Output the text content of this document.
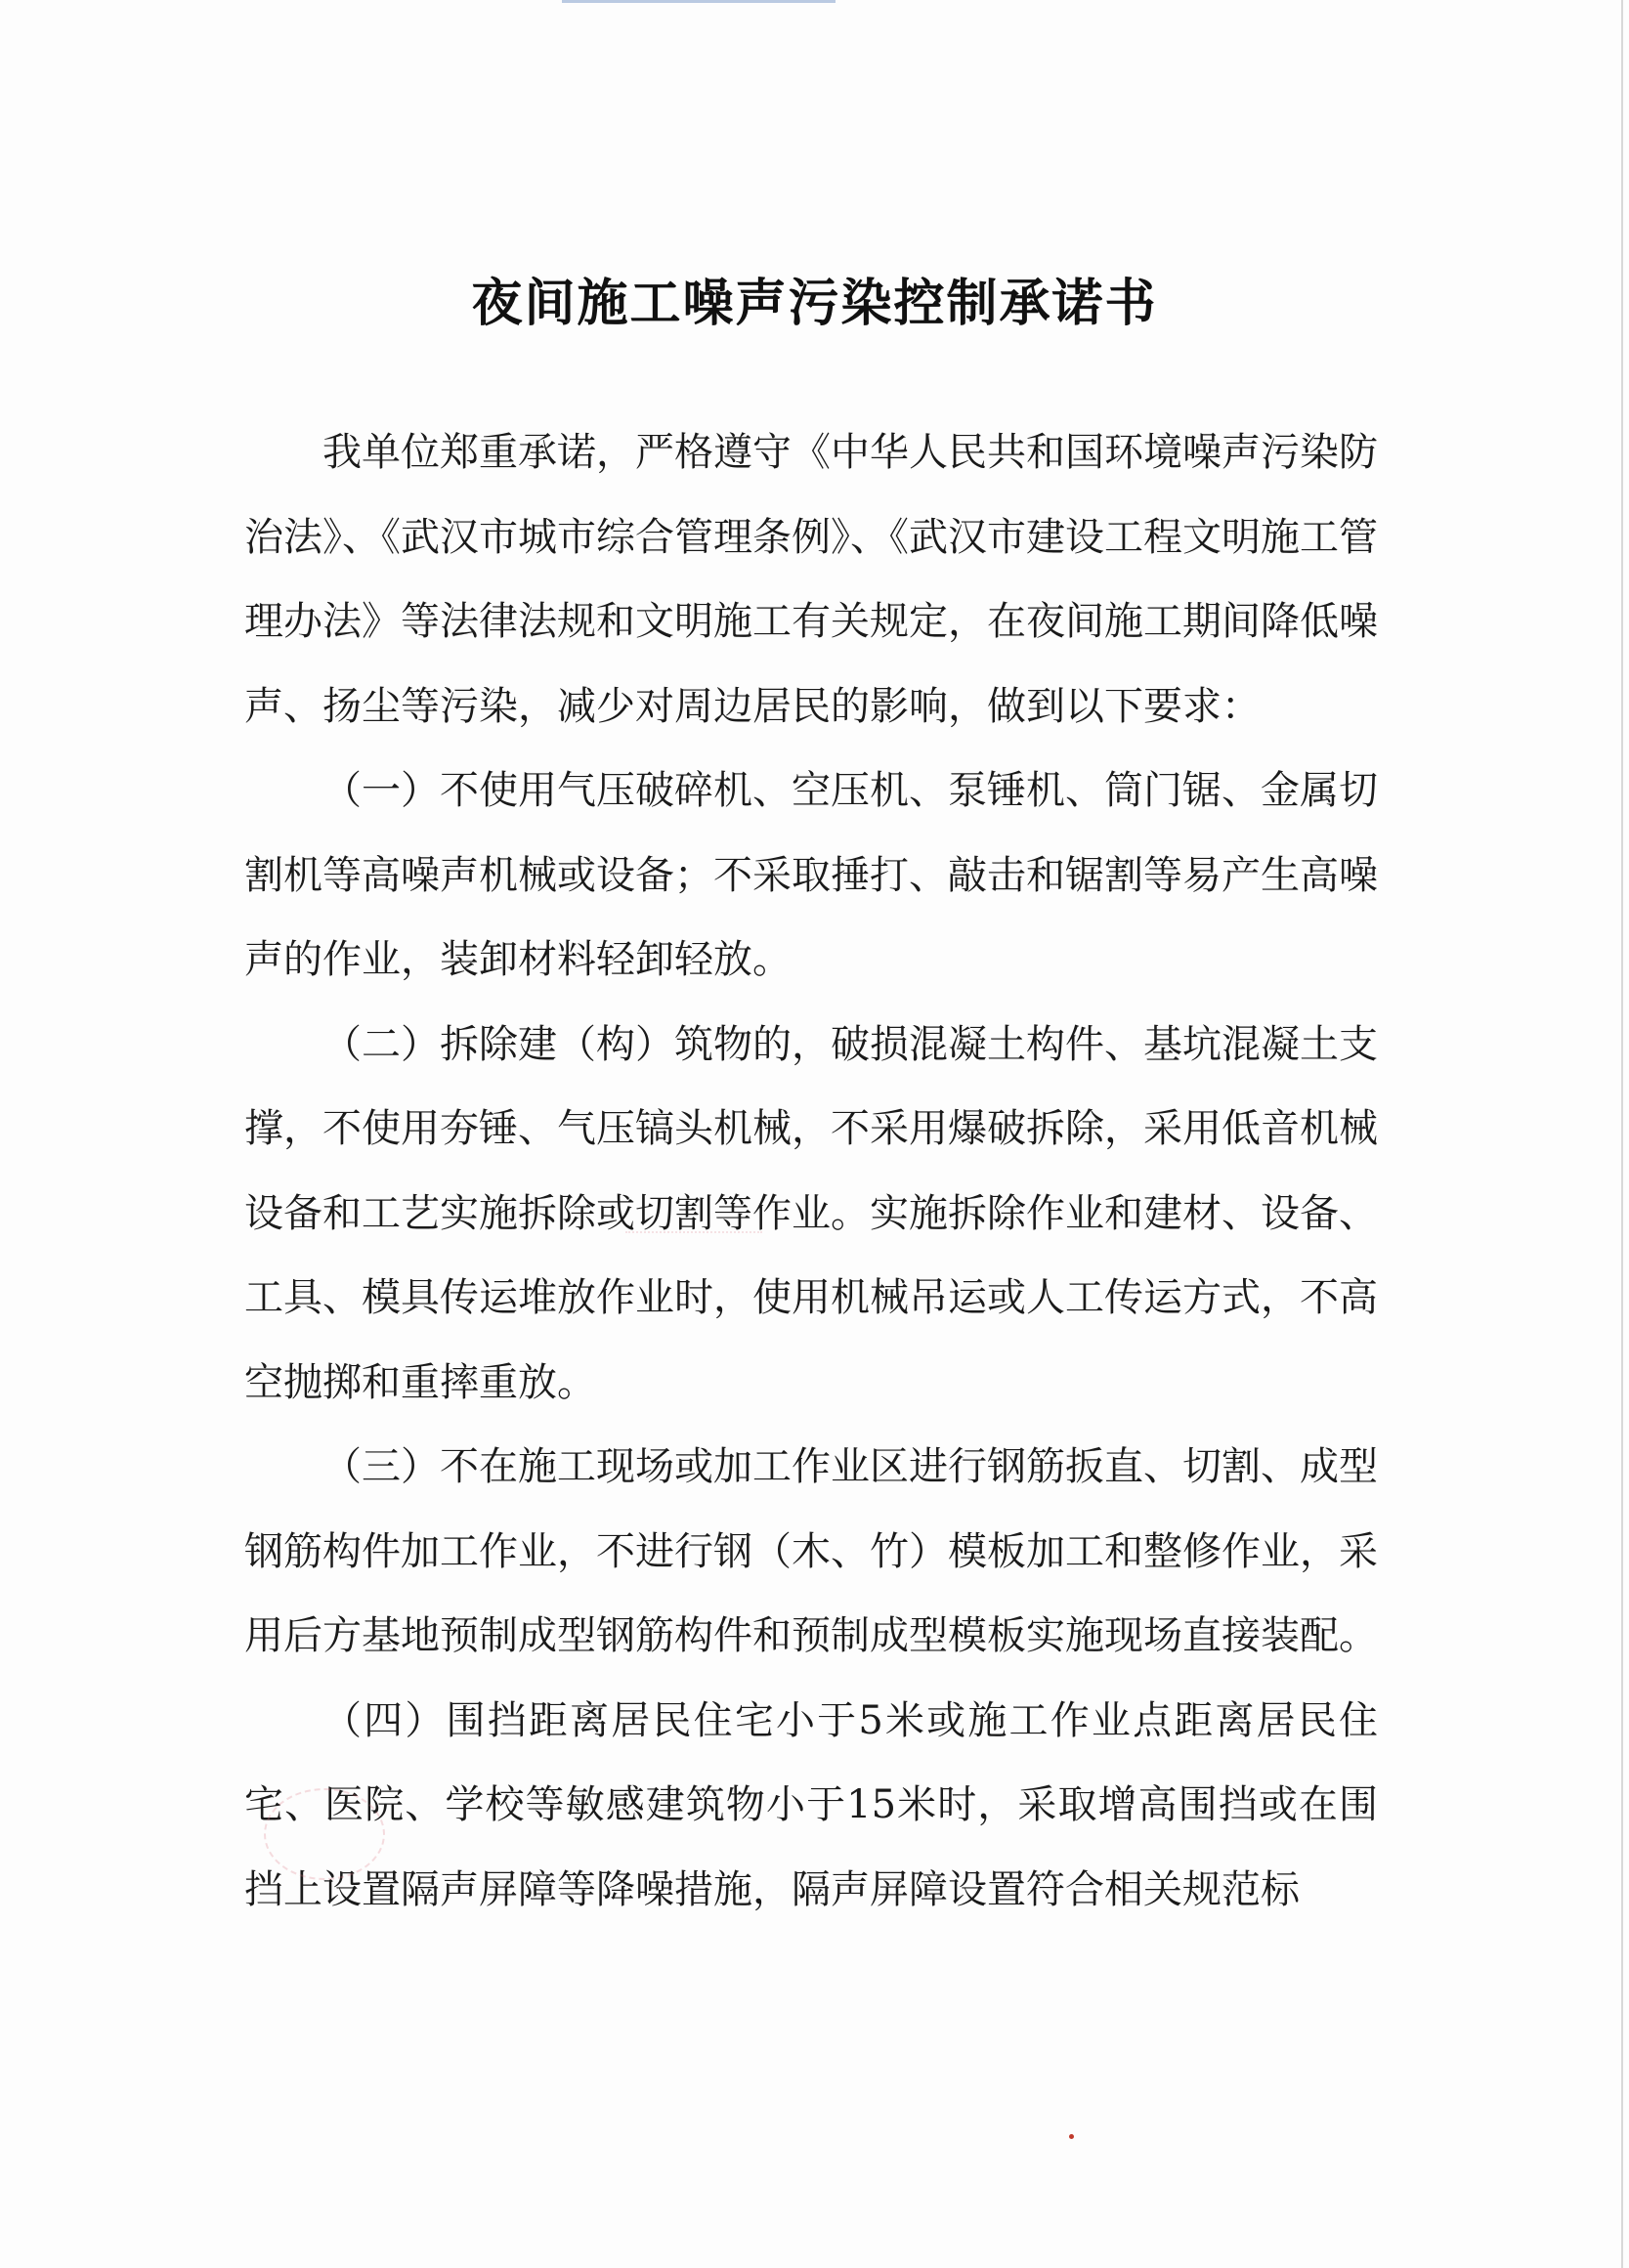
夜间施工噪声污染控制承诺书

我单位郑重承诺，严格遵守《中华人民共和国环境噪声污染防治法》、《武汉市城市综合管理条例》、《武汉市建设工程文明施工管理办法》等法律法规和文明施工有关规定，在夜间施工期间降低噪声、扬尘等污染，减少对周边居民的影响，做到以下要求：

（一）不使用气压破碎机、空压机、泵锤机、筒门锯、金属切割机等高噪声机械或设备；不采取捶打、敲击和锯割等易产生高噪声的作业，装卸材料轻卸轻放。

（二）拆除建（构）筑物的，破损混凝土构件、基坑混凝土支撑，不使用夯锤、气压镐头机械，不采用爆破拆除，采用低音机械设备和工艺实施拆除或切割等作业。实施拆除作业和建材、设备、工具、模具传运堆放作业时，使用机械吊运或人工传运方式，不高空抛掷和重摔重放。

（三）不在施工现场或加工作业区进行钢筋扳直、切割、成型钢筋构件加工作业，不进行钢（木、竹）模板加工和整修作业，采用后方基地预制成型钢筋构件和预制成型模板实施现场直接装配。

（四）围挡距离居民住宅小于5米或施工作业点距离居民住宅、医院、学校等敏感建筑物小于15米时，采取增高围挡或在围挡上设置隔声屏障等降噪措施，隔声屏障设置符合相关规范标
